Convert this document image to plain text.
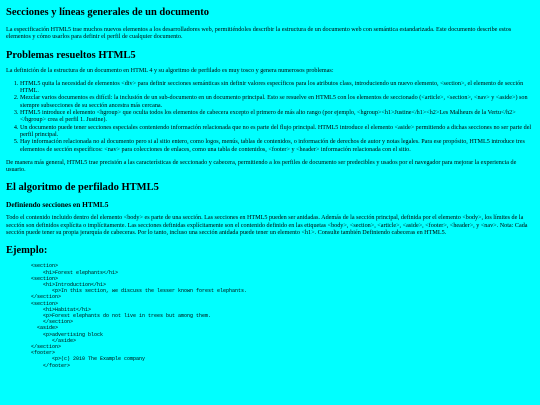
Secciones y líneas generales de un documento

La especificación HTML5 trae muchos nuevos elementos a los desarrolladores web, permitiéndoles describir la estructura de un documento web con semántica estandarizada. Este documento describe estos elementos y cómo usarlos para definir el perfil de cualquier documento.

Problemas resueltos HTML5

La definición de la estructura de un documento en HTML 4 y su algoritmo de perfilado es muy tosco y genera numerosos problemas:

1. HTML5 quita la necesidad de elementos <div> para definir secciones semánticas sin definir valores específicos para los atributos class, introduciendo un nuevo elemento, <section>, el elemento de sección HTML.
2. Mezclar varios documentos es difícil: la inclusión de un sub-documento en un documento principal. Esto se resuelve en HTML5 con los elementos de seccionado (<article>, <section>, <nav> y <aside>) son siempre subsecciones de su sección ancestra más cercana.
3. HTML5 introduce el elemento <hgroup> que oculta todos los elementos de cabecera excepto el primero de más alto rango (por ejemplo, <hgroup><h1>Justine</h1><h2>Les Malheurs de la Vertu</h2></hgroup> crea el perfil 1. Justine).
4. Un documento puede tener secciones especiales conteniendo información relacionada que no es parte del flujo principal. HTML5 introduce el elemento <aside> permitiendo a dichas secciones no ser parte del perfil principal.
5. Hay información relacionada no al documento pero si al sitio entero, como logos, menús, tablas de contenidos, o información de derechos de autor y notas legales. Para ese propósito, HTML5 introduce tres elementos de sección específicos: <nav> para colecciones de enlaces, como una tabla de contenidos, <footer> y <header> información relacionada con el sitio.

De manera más general, HTML5 trae precisión a las características de seccionado y cabecera, permitiendo a los perfiles de documento ser predecibles y usados por el navegador para mejorar la experiencia de usuario.

El algoritmo de perfilado HTML5
Definiendo secciones en HTML5

Todo el contenido incluido dentro del elemento <body> es parte de una sección. Las secciones en HTML5 pueden ser anidadas. Además de la sección principal, definida por el elemento <body>, los límites de la sección son definidos explícita o implícitamente. Las secciones definidas explícitamente son el contenido definido en las etiquetas <body>, <section>, <article>, <aside>, <footer>, <header>, y <nav>. Nota: Cada sección puede tener su propia jerarquía de cabeceras. Por lo tanto, incluso una sección anidada puede tener un elemento <h1>. Consulte también Definiendo cabeceras en HTML5.

Ejemplo:
<section>
<h1>Forest elephants</h1>
<section>
<h1>Introduction</h1>
<p>In this section, we discuss the lesser known forest elephants.
</section>
<section>
<h1>Habitat</h1>
<p>Forest elephants do not live in trees but among them.
</section>
<aside>
<p>advertising block
</aside>
</section>
<footer>
<p>(c) 2010 The Example company
</footer>
